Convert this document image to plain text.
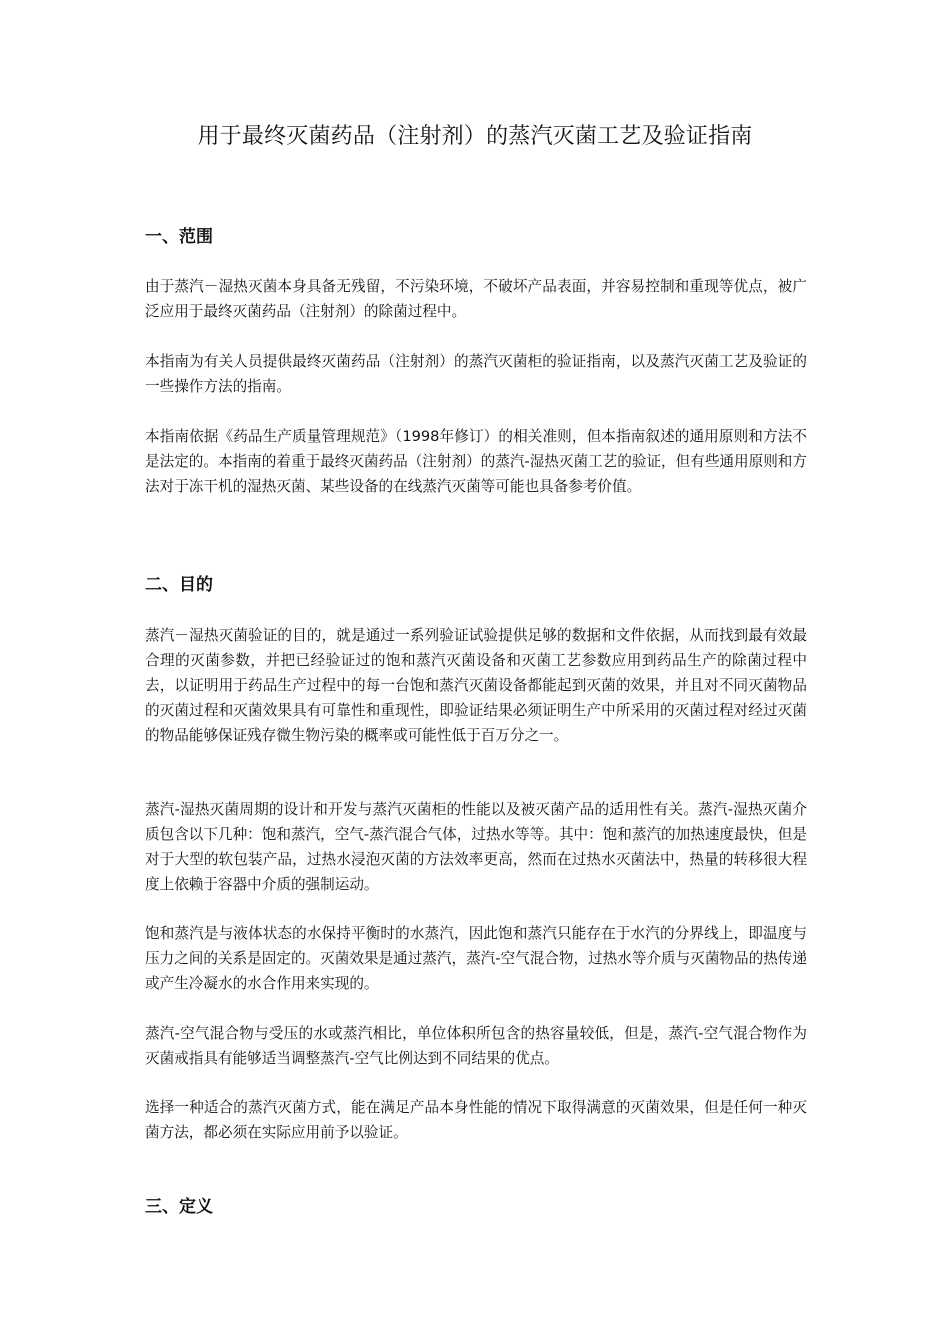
用于最终灭菌药品（注射剂）的蒸汽灭菌工艺及验证指南
一、范围

由于蒸汽－湿热灭菌本身具备无残留，不污染环境，不破坏产品表面，并容易控制和重现等优点，被广泛应用于最终灭菌药品（注射剂）的除菌过程中。

本指南为有关人员提供最终灭菌药品（注射剂）的蒸汽灭菌柜的验证指南，以及蒸汽灭菌工艺及验证的一些操作方法的指南。

本指南依据《药品生产质量管理规范》（1998年修订）的相关准则，但本指南叙述的通用原则和方法不是法定的。本指南的着重于最终灭菌药品（注射剂）的蒸汽-湿热灭菌工艺的验证，但有些通用原则和方法对于冻干机的湿热灭菌、某些设备的在线蒸汽灭菌等可能也具备参考价值。

二、目的

蒸汽－湿热灭菌验证的目的，就是通过一系列验证试验提供足够的数据和文件依据，从而找到最有效最合理的灭菌参数，并把已经验证过的饱和蒸汽灭菌设备和灭菌工艺参数应用到药品生产的除菌过程中去，以证明用于药品生产过程中的每一台饱和蒸汽灭菌设备都能起到灭菌的效果，并且对不同灭菌物品的灭菌过程和灭菌效果具有可靠性和重现性，即验证结果必须证明生产中所采用的灭菌过程对经过灭菌的物品能够保证残存微生物污染的概率或可能性低于百万分之一。

蒸汽-湿热灭菌周期的设计和开发与蒸汽灭菌柜的性能以及被灭菌产品的适用性有关。蒸汽-湿热灭菌介质包含以下几种：饱和蒸汽，空气-蒸汽混合气体，过热水等等。其中：饱和蒸汽的加热速度最快，但是对于大型的软包装产品，过热水浸泡灭菌的方法效率更高，然而在过热水灭菌法中，热量的转移很大程度上依赖于容器中介质的强制运动。

饱和蒸汽是与液体状态的水保持平衡时的水蒸汽，因此饱和蒸汽只能存在于水汽的分界线上，即温度与压力之间的关系是固定的。灭菌效果是通过蒸汽，蒸汽-空气混合物，过热水等介质与灭菌物品的热传递或产生冷凝水的水合作用来实现的。

蒸汽-空气混合物与受压的水或蒸汽相比，单位体积所包含的热容量较低，但是，蒸汽-空气混合物作为灭菌戒指具有能够适当调整蒸汽-空气比例达到不同结果的优点。

选择一种适合的蒸汽灭菌方式，能在满足产品本身性能的情况下取得满意的灭菌效果，但是任何一种灭菌方法，都必须在实际应用前予以验证。

三、定义
